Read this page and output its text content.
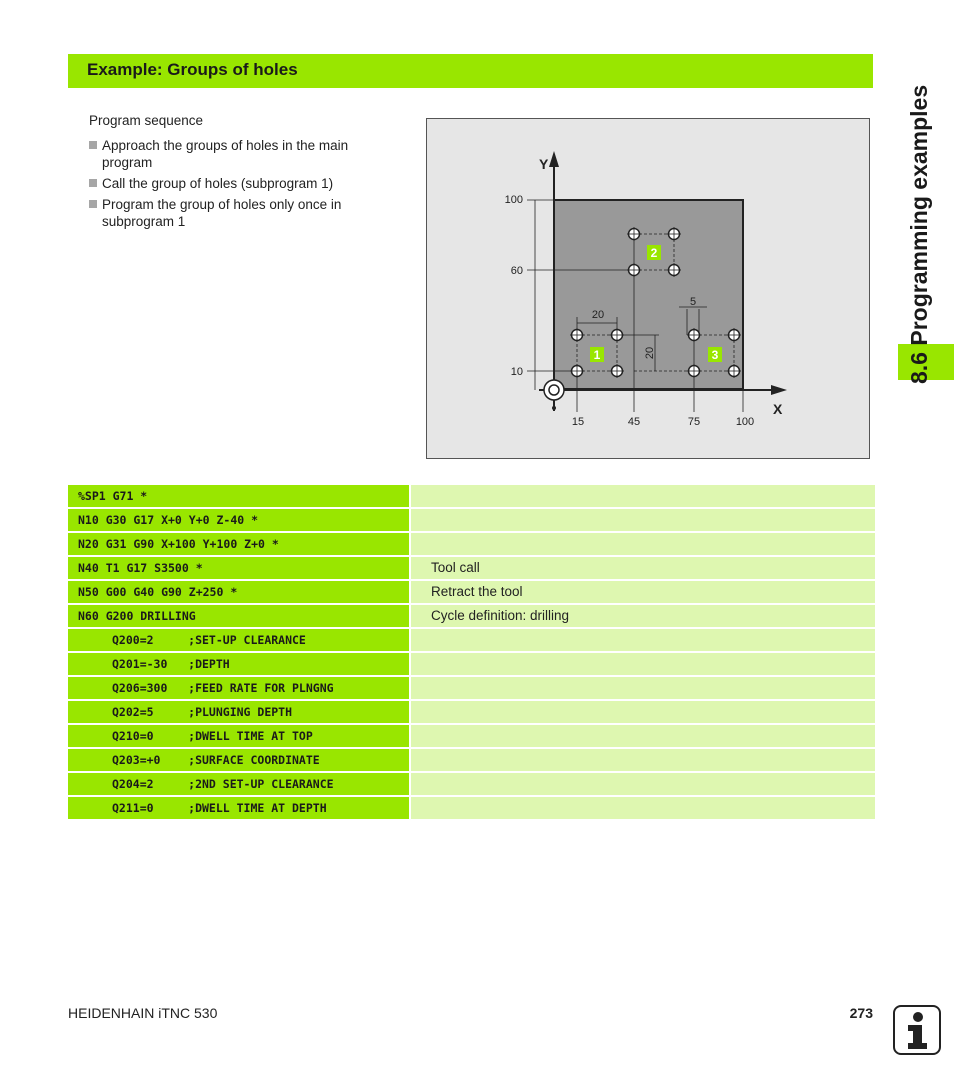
Example: Groups of holes
Program sequence
Approach the groups of holes in the main program
Call the group of holes (subprogram 1)
Program the group of holes only once in subprogram 1
Y
X
100
60
10
15	45	75	100
20
20
5
1
2
3
%SP1 G71 *
N10 G30 G17 X+0 Y+0 Z-40 *
N20 G31 G90 X+100 Y+100 Z+0 *
N40 T1 G17 S3500 *	Tool call
N50 G00 G40 G90 Z+250 *	Retract the tool
N60 G200 DRILLING	Cycle definition: drilling
Q200=2     ;SET-UP CLEARANCE
Q201=-30   ;DEPTH
Q206=300   ;FEED RATE FOR PLNGNG
Q202=5     ;PLUNGING DEPTH
Q210=0     ;DWELL TIME AT TOP
Q203=+0    ;SURFACE COORDINATE
Q204=2     ;2ND SET-UP CLEARANCE
Q211=0     ;DWELL TIME AT DEPTH
8.6 Programming examples
HEIDENHAIN iTNC 530	273
